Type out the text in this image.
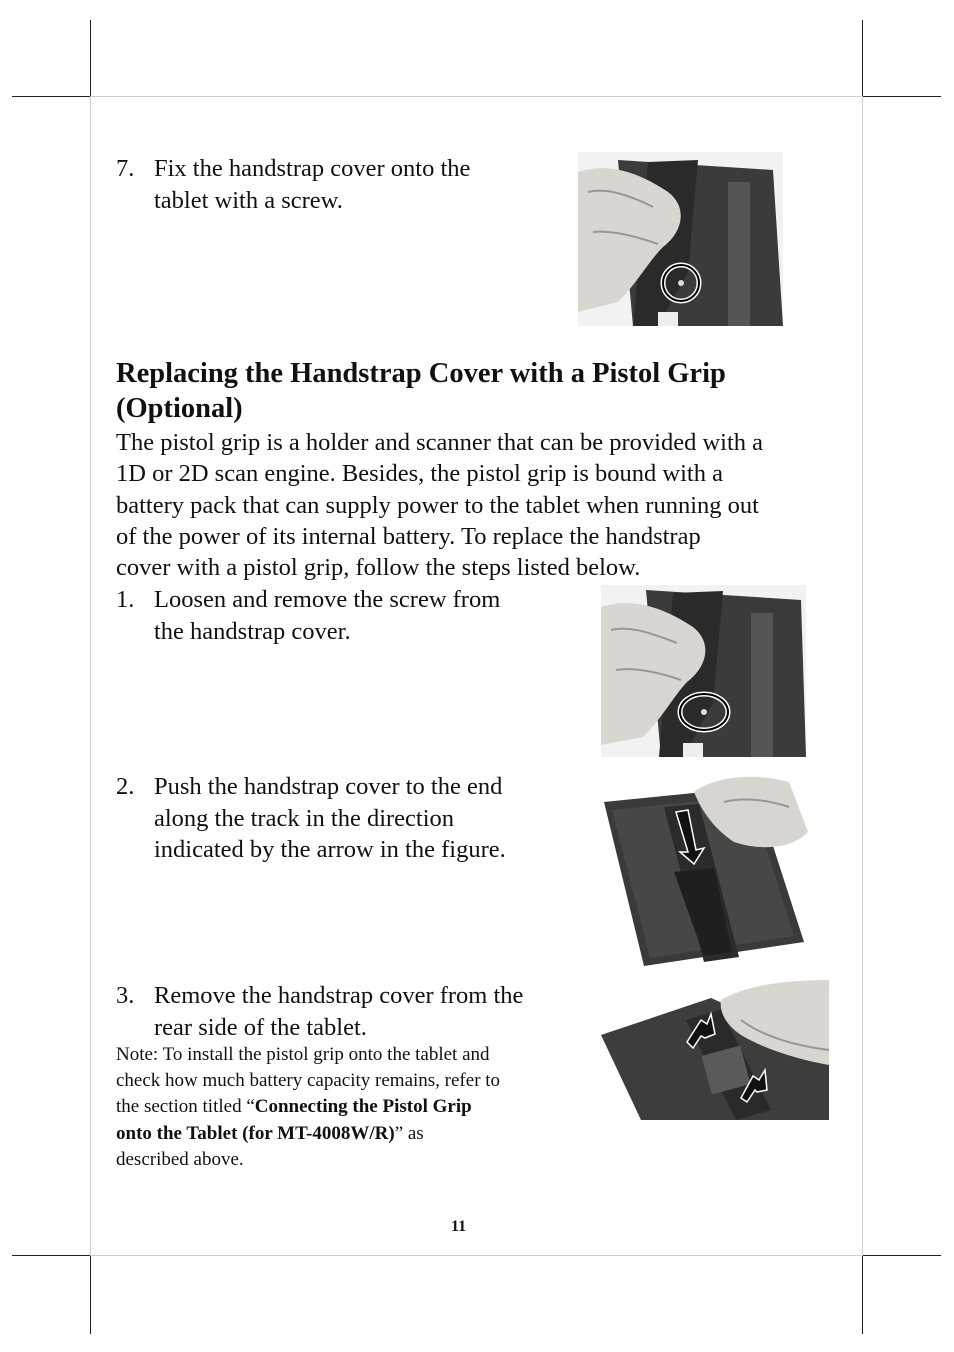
7. Fix the handstrap cover onto the
tablet with a screw.
Replacing the Handstrap Cover with a Pistol Grip
(Optional)
The pistol grip is a holder and scanner that can be provided with a
1D or 2D scan engine. Besides, the pistol grip is bound with a
battery pack that can supply power to the tablet when running out
of the power of its internal battery. To replace the handstrap
cover with a pistol grip, follow the steps listed below.
1. Loosen and remove the screw from
the handstrap cover.
2. Push the handstrap cover to the end
along the track in the direction
indicated by the arrow in the figure.
3. Remove the handstrap cover from the
rear side of the tablet.
Note: To install the pistol grip onto the tablet and
check how much battery capacity remains, refer to
the section titled “Connecting the Pistol Grip
onto the Tablet (for MT-4008W/R)” as
described above.
11
